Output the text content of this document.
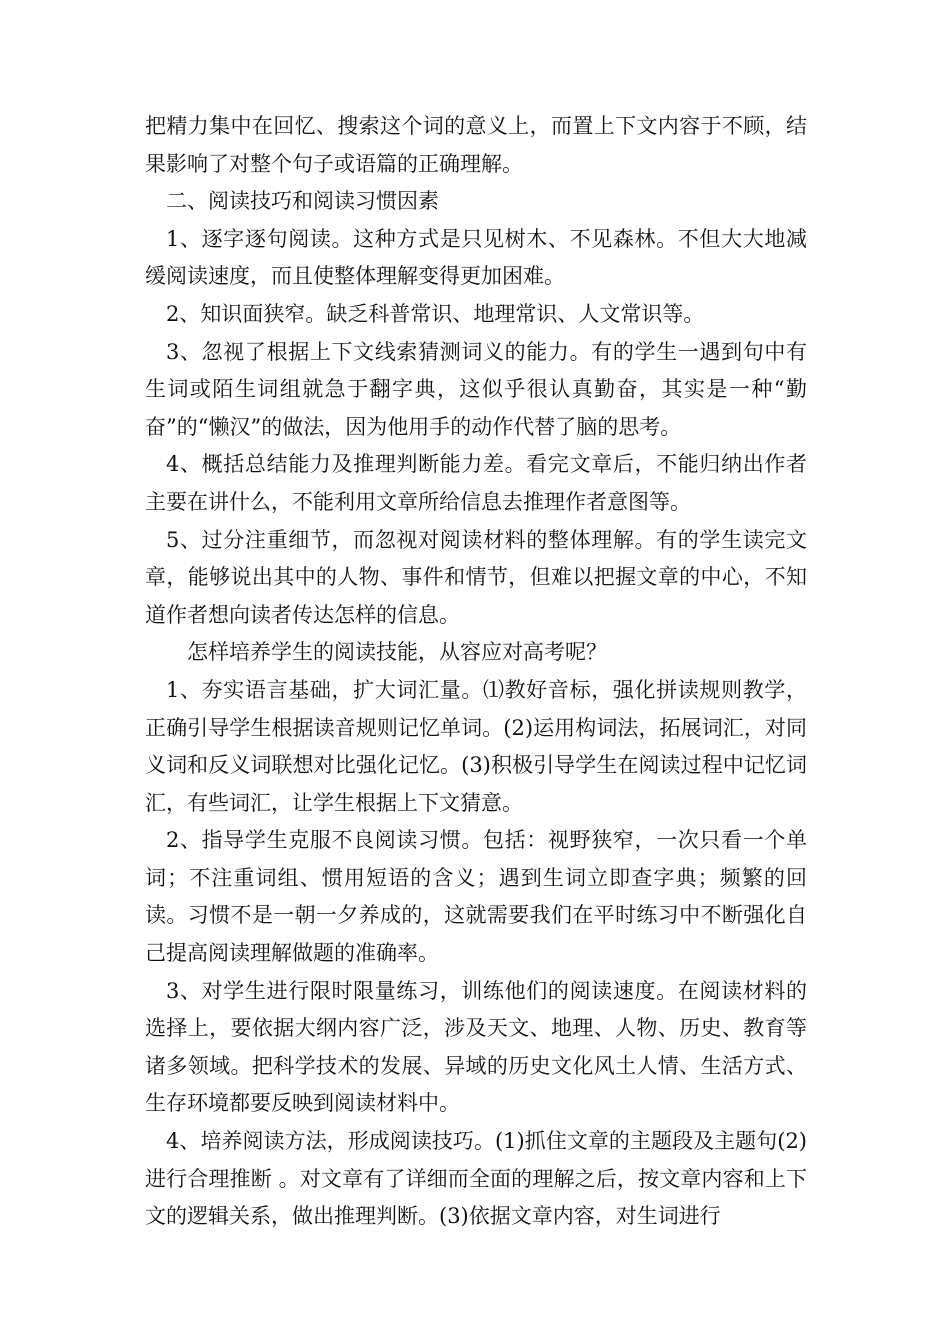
把精力集中在回忆、搜索这个词的意义上，而置上下文内容于不顾，结果影响了对整个句子或语篇的正确理解。

二、阅读技巧和阅读习惯因素

1、逐字逐句阅读。这种方式是只见树木、不见森林。不但大大地减缓阅读速度，而且使整体理解变得更加困难。

2、知识面狭窄。缺乏科普常识、地理常识、人文常识等。

3、忽视了根据上下文线索猜测词义的能力。有的学生一遇到句中有生词或陌生词组就急于翻字典，这似乎很认真勤奋，其实是一种“勤奋”的“懒汉”的做法，因为他用手的动作代替了脑的思考。

4、概括总结能力及推理判断能力差。看完文章后，不能归纳出作者主要在讲什么，不能利用文章所给信息去推理作者意图等。

5、过分注重细节，而忽视对阅读材料的整体理解。有的学生读完文章，能够说出其中的人物、事件和情节，但难以把握文章的中心，不知道作者想向读者传达怎样的信息。

怎样培养学生的阅读技能，从容应对高考呢？

1、夯实语言基础，扩大词汇量。⑴教好音标，强化拼读规则教学，正确引导学生根据读音规则记忆单词。(2)运用构词法，拓展词汇，对同义词和反义词联想对比强化记忆。(3)积极引导学生在阅读过程中记忆词汇，有些词汇，让学生根据上下文猜意。

2、指导学生克服不良阅读习惯。包括：视野狭窄，一次只看一个单词；不注重词组、惯用短语的含义；遇到生词立即查字典；频繁的回读。习惯不是一朝一夕养成的，这就需要我们在平时练习中不断强化自己提高阅读理解做题的准确率。

3、对学生进行限时限量练习，训练他们的阅读速度。在阅读材料的选择上，要依据大纲内容广泛，涉及天文、地理、人物、历史、教育等诸多领域。把科学技术的发展、异域的历史文化风土人情、生活方式、生存环境都要反映到阅读材料中。

4、培养阅读方法，形成阅读技巧。(1)抓住文章的主题段及主题句(2)进行合理推断 。对文章有了详细而全面的理解之后，按文章内容和上下文的逻辑关系，做出推理判断。(3)依据文章内容，对生词进行
